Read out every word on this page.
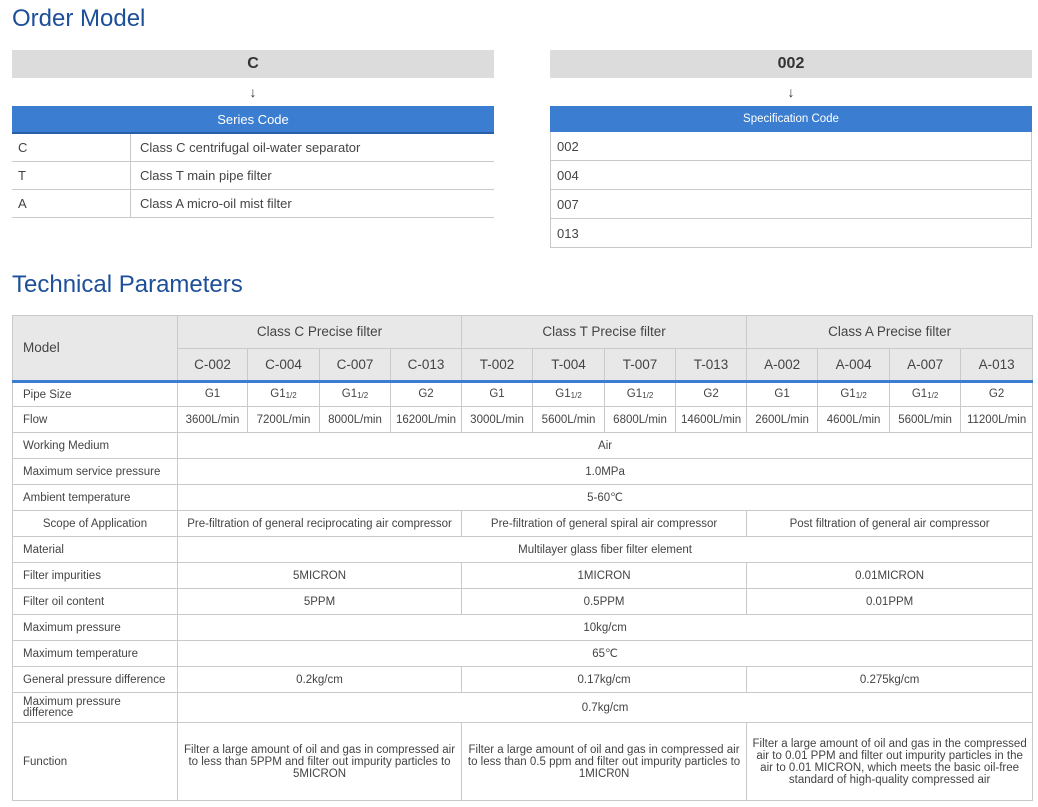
Order Model
C
↓
Series Code
C	Class C centrifugal oil-water separator
T	Class T main pipe filter
A	Class A micro-oil mist filter
002
↓
Specification Code
002
004
007
013
Technical Parameters
Model	Class C Precise filter				Class T Precise filter				Class A Precise filter			
	C-002	C-004	C-007	C-013	T-002	T-004	T-007	T-013	A-002	A-004	A-007	A-013
Pipe Size	G1	$G1_{1/2}$	$G1_{1/2}$	G2	G1	$G1_{1/2}$	$G1_{1/2}$	G2	G1	$G1_{1/2}$	$G1_{1/2}$	G2
Flow	3600L/min	7200L/min	8000L/min	16200L/min	3000L/min	5600L/min	6800L/min	14600L/min	2600L/min	4600L/min	5600L/min	11200L/min
Working Medium	Air											
Maximum service pressure	1.0MPa											
Ambient temperature	5-60℃											
Scope of Application	Pre-filtration of general reciprocating air compressor				Pre-filtration of general spiral air compressor				Post filtration of general air compressor			
Material	Multilayer glass fiber filter element											
Filter impurities	5MICRON				1MICRON				0.01MICRON			
Filter oil content	5PPM				0.5PPM				0.01PPM			
Maximum pressure	10kg/cm											
Maximum temperature	65℃											
General pressure difference	0.2kg/cm				0.17kg/cm				0.275kg/cm			
Maximum pressure difference	0.7kg/cm											
Function	Filter a large amount of oil and gas in compressed air to less than 5PPM and filter out impurity particles to 5MICRON				Filter a large amount of oil and gas in compressed air to less than 0.5 ppm and filter out impurity particles to 1MICR0N				Filter a large amount of oil and gas in the compressed air to 0.01 PPM and filter out impurity particles in the air to 0.01 MICRON, which meets the basic oil-free standard of high-quality compressed air			
